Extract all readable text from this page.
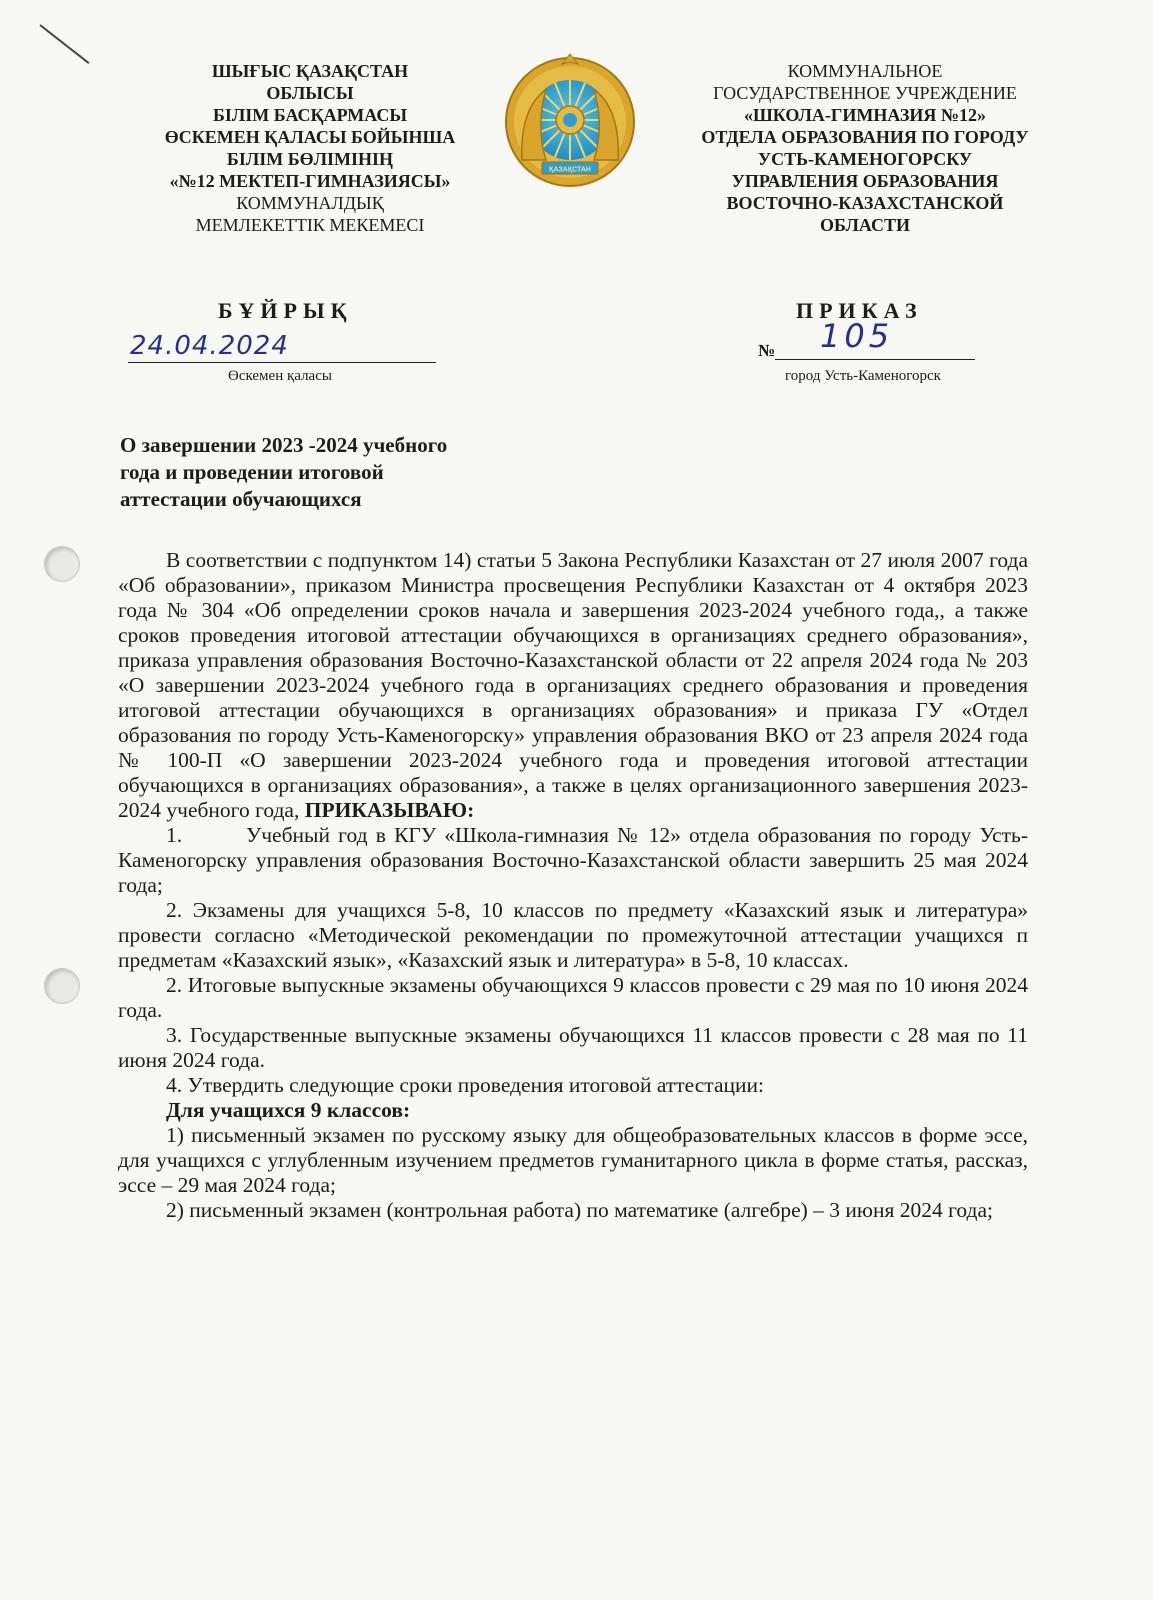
ШЫҒЫС ҚАЗАҚСТАН
ОБЛЫСЫ
БІЛІМ БАСҚАРМАСЫ
ӨСКЕМЕН ҚАЛАСЫ БОЙЫНША
БІЛІМ БӨЛІМІНІҢ
«№12 МЕКТЕП-ГИМНАЗИЯСЫ»
КОММУНАЛДЫҚ
МЕМЛЕКЕТТІК МЕКЕМЕСІ
ҚАЗАҚСТАН
КОММУНАЛЬНОЕ
ГОСУДАРСТВЕННОЕ УЧРЕЖДЕНИЕ
«ШКОЛА-ГИМНАЗИЯ №12»
ОТДЕЛА ОБРАЗОВАНИЯ ПО ГОРОДУ
УСТЬ-КАМЕНОГОРСКУ
УПРАВЛЕНИЯ ОБРАЗОВАНИЯ
ВОСТОЧНО-КАЗАХСТАНСКОЙ
ОБЛАСТИ
БҰЙРЫҚ	ПРИКАЗ
24.04.2024
Өскемен қаласы
№ 105
город Усть-Каменогорск
О завершении 2023 -2024 учебного
года и проведении итоговой
аттестации обучающихся

В соответствии с подпунктом 14) статьи 5 Закона Республики Казахстан от 27 июля 2007 года «Об образовании», приказом Министра просвещения Республики Казахстан от 4 октября 2023 года № 304 «Об определении сроков начала и завершения 2023-2024 учебного года,, а также сроков проведения итоговой аттестации обучающихся в организациях среднего образования», приказа управления образования Восточно-Казахстанской области от 22 апреля 2024 года № 203 «О завершении 2023-2024 учебного года в организациях среднего образования и проведения итоговой аттестации обучающихся в организациях образования» и приказа ГУ «Отдел образования по городу Усть-Каменогорску» управления образования ВКО от 23 апреля 2024 года № 100-П «О завершении 2023-2024 учебного года и проведения итоговой аттестации обучающихся в организациях образования», а также в целях организационного завершения 2023-2024 учебного года, ПРИКАЗЫВАЮ:

1.	Учебный год в КГУ «Школа-гимназия № 12» отдела образования по городу Усть-Каменогорску управления образования Восточно-Казахстанской области завершить 25 мая 2024 года;

2. Экзамены для учащихся 5-8, 10 классов по предмету «Казахский язык и литература» провести согласно «Методической рекомендации по промежуточной аттестации учащихся п предметам «Казахский язык», «Казахский язык и литература» в 5-8, 10 классах.

2. Итоговые выпускные экзамены обучающихся 9 классов провести с 29 мая по 10 июня 2024 года.

3. Государственные выпускные экзамены обучающихся 11 классов провести с 28 мая по 11 июня 2024 года.

4. Утвердить следующие сроки проведения итоговой аттестации:

Для учащихся 9 классов:

1) письменный экзамен по русскому языку для общеобразовательных классов в форме эссе, для учащихся с углубленным изучением предметов гуманитарного цикла в форме статья, рассказ, эссе – 29 мая 2024 года;

2) письменный экзамен (контрольная работа) по математике (алгебре) – 3 июня 2024 года;
